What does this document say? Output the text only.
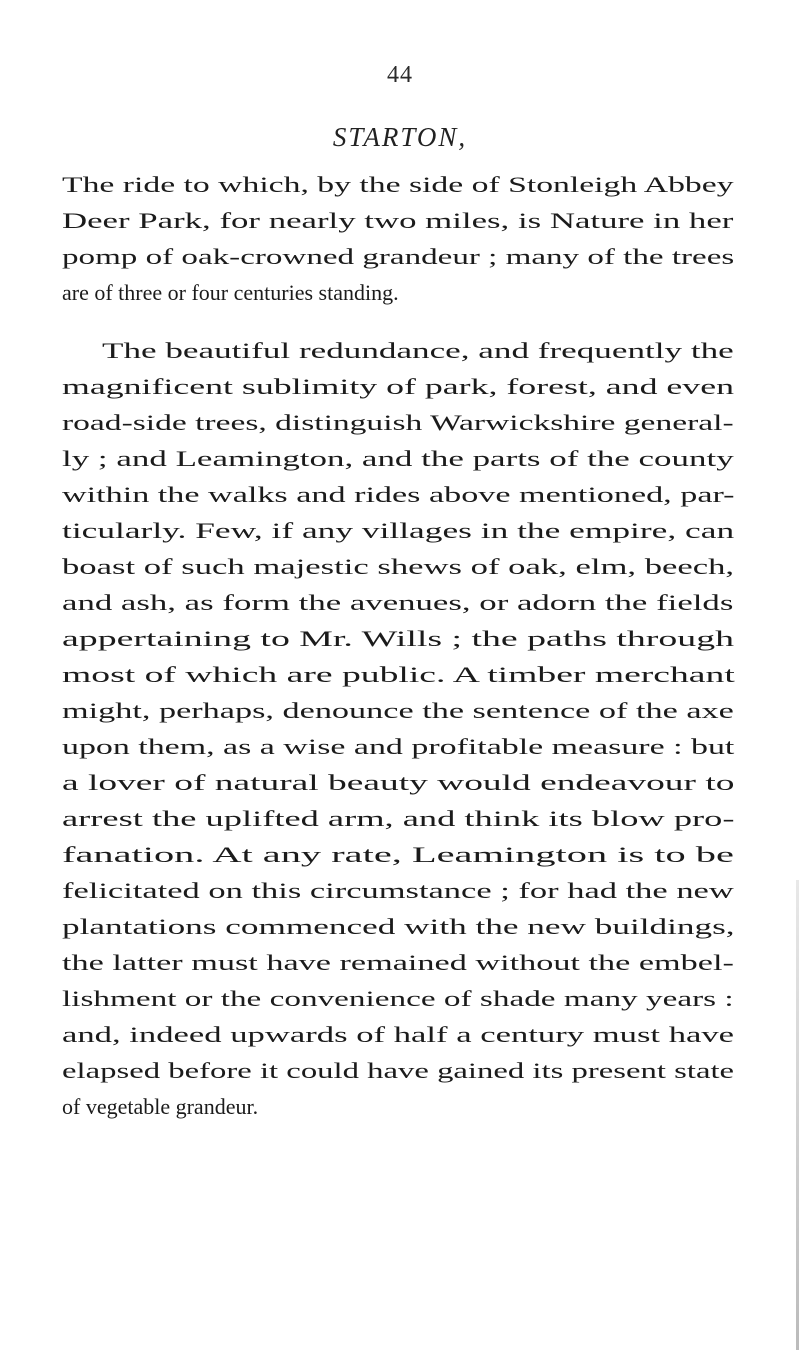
44
STARTON,
The ride to which, by the side of Stonleigh Abbey
Deer Park, for nearly two miles, is Nature in her
pomp of oak-crowned grandeur ; many of the trees
are of three or four centuries standing.
The beautiful redundance, and frequently the
magnificent sublimity of park, forest, and even
road-side trees, distinguish Warwickshire general-
ly ; and Leamington, and the parts of the county
within the walks and rides above mentioned, par-
ticularly. Few, if any villages in the empire, can
boast of such majestic shews of oak, elm, beech,
and ash, as form the avenues, or adorn the fields
appertaining to Mr. Wills ; the paths through
most of which are public. A timber merchant
might, perhaps, denounce the sentence of the axe
upon them, as a wise and profitable measure : but
a lover of natural beauty would endeavour to
arrest the uplifted arm, and think its blow pro-
fanation. At any rate, Leamington is to be
felicitated on this circumstance ; for had the new
plantations commenced with the new buildings,
the latter must have remained without the embel-
lishment or the convenience of shade many years :
and, indeed upwards of half a century must have
elapsed before it could have gained its present state
of vegetable grandeur.
